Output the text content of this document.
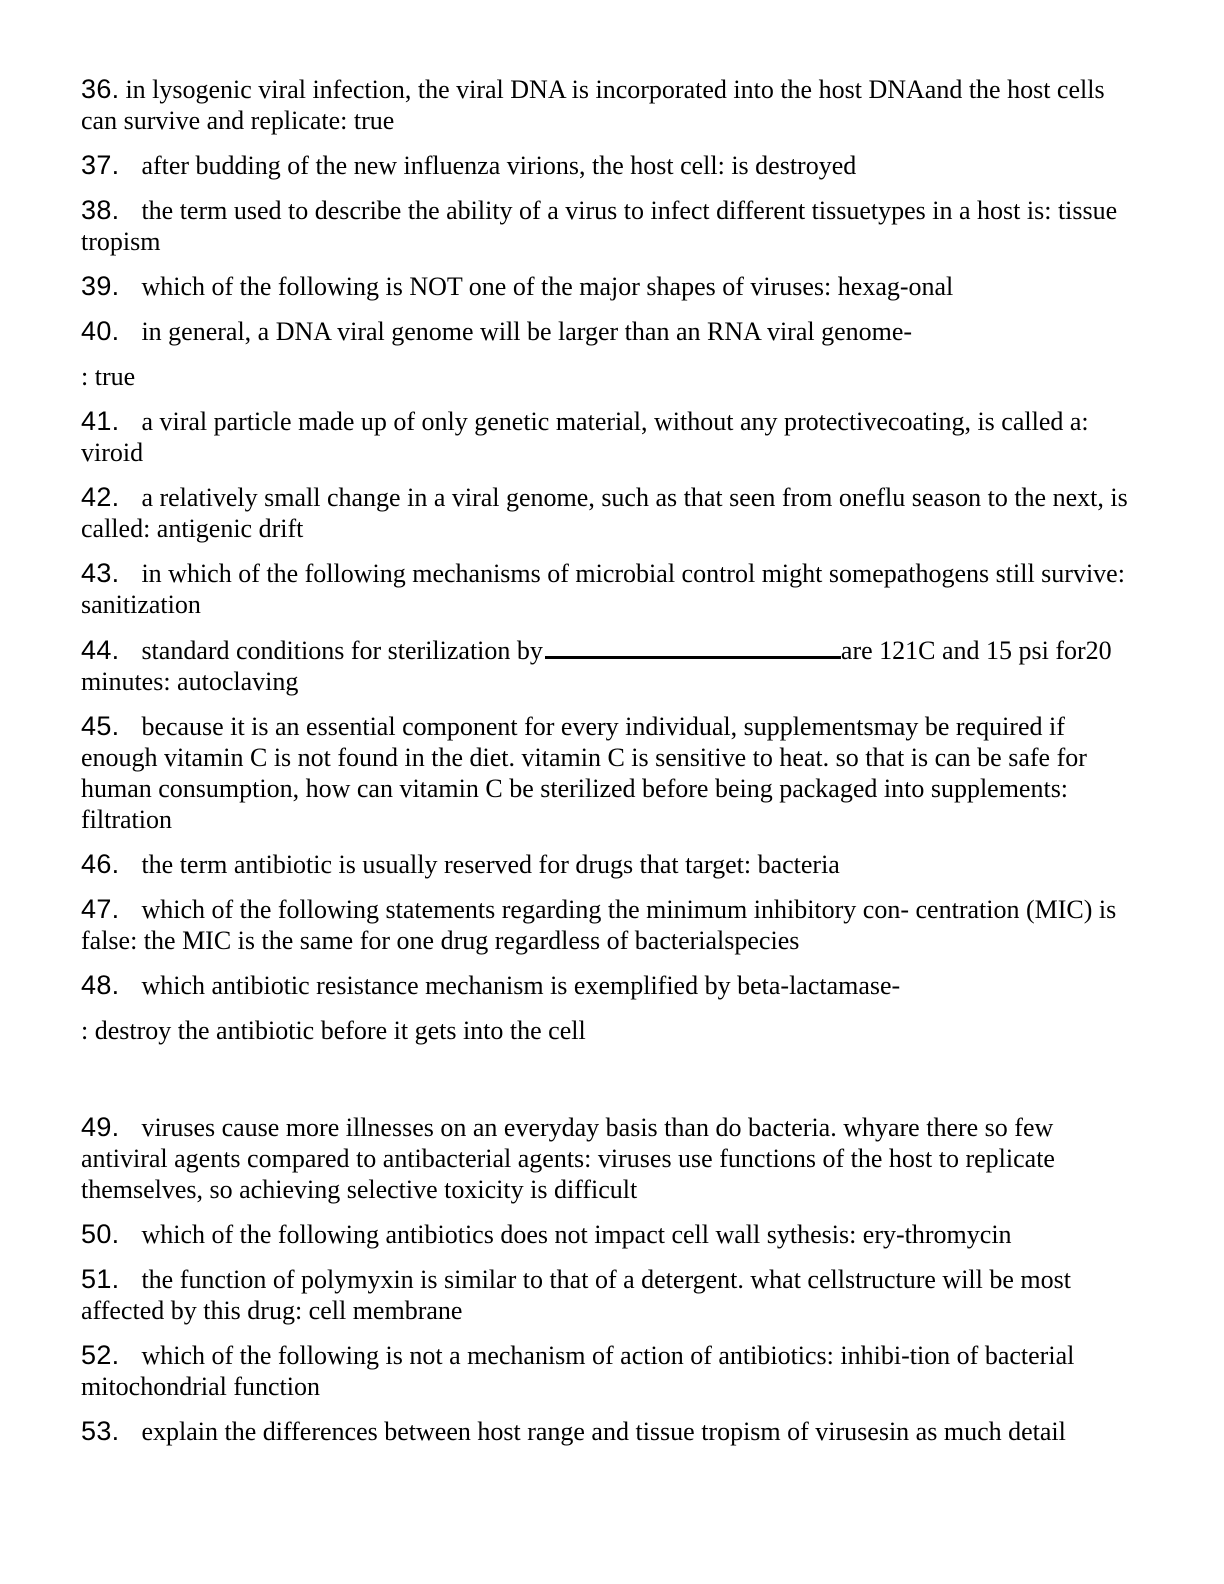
36. in lysogenic viral infection, the viral DNA is incorporated into the host DNAand the host cells can survive and replicate: true
37. after budding of the new influenza virions, the host cell: is destroyed
38. the term used to describe the ability of a virus to infect different tissuetypes in a host is: tissue tropism
39. which of the following is NOT one of the major shapes of viruses: hexag-onal
40. in general, a DNA viral genome will be larger than an RNA viral genome-
: true
41. a viral particle made up of only genetic material, without any protectivecoating, is called a: viroid
42. a relatively small change in a viral genome, such as that seen from oneflu season to the next, is called: antigenic drift
43. in which of the following mechanisms of microbial control might somepathogens still survive: sanitization
44. standard conditions for sterilization by	are 121C and 15 psi for20 minutes: autoclaving
45. because it is an essential component for every individual, supplementsmay be required if enough vitamin C is not found in the diet. vitamin C is sensitive to heat. so that is can be safe for human consumption, how can vitamin C be sterilized before being packaged into supplements: filtration
46. the term antibiotic is usually reserved for drugs that target: bacteria
47. which of the following statements regarding the minimum inhibitory con- centration (MIC) is false: the MIC is the same for one drug regardless of bacterialspecies
48. which antibiotic resistance mechanism is exemplified by beta-lactamase-
: destroy the antibiotic before it gets into the cell
49. viruses cause more illnesses on an everyday basis than do bacteria. whyare there so few antiviral agents compared to antibacterial agents: viruses use functions of the host to replicate themselves, so achieving selective toxicity is difficult
50. which of the following antibiotics does not impact cell wall sythesis: ery-thromycin
51. the function of polymyxin is similar to that of a detergent. what cellstructure will be most affected by this drug: cell membrane
52. which of the following is not a mechanism of action of antibiotics: inhibi-tion of bacterial mitochondrial function
53. explain the differences between host range and tissue tropism of virusesin as much detail
